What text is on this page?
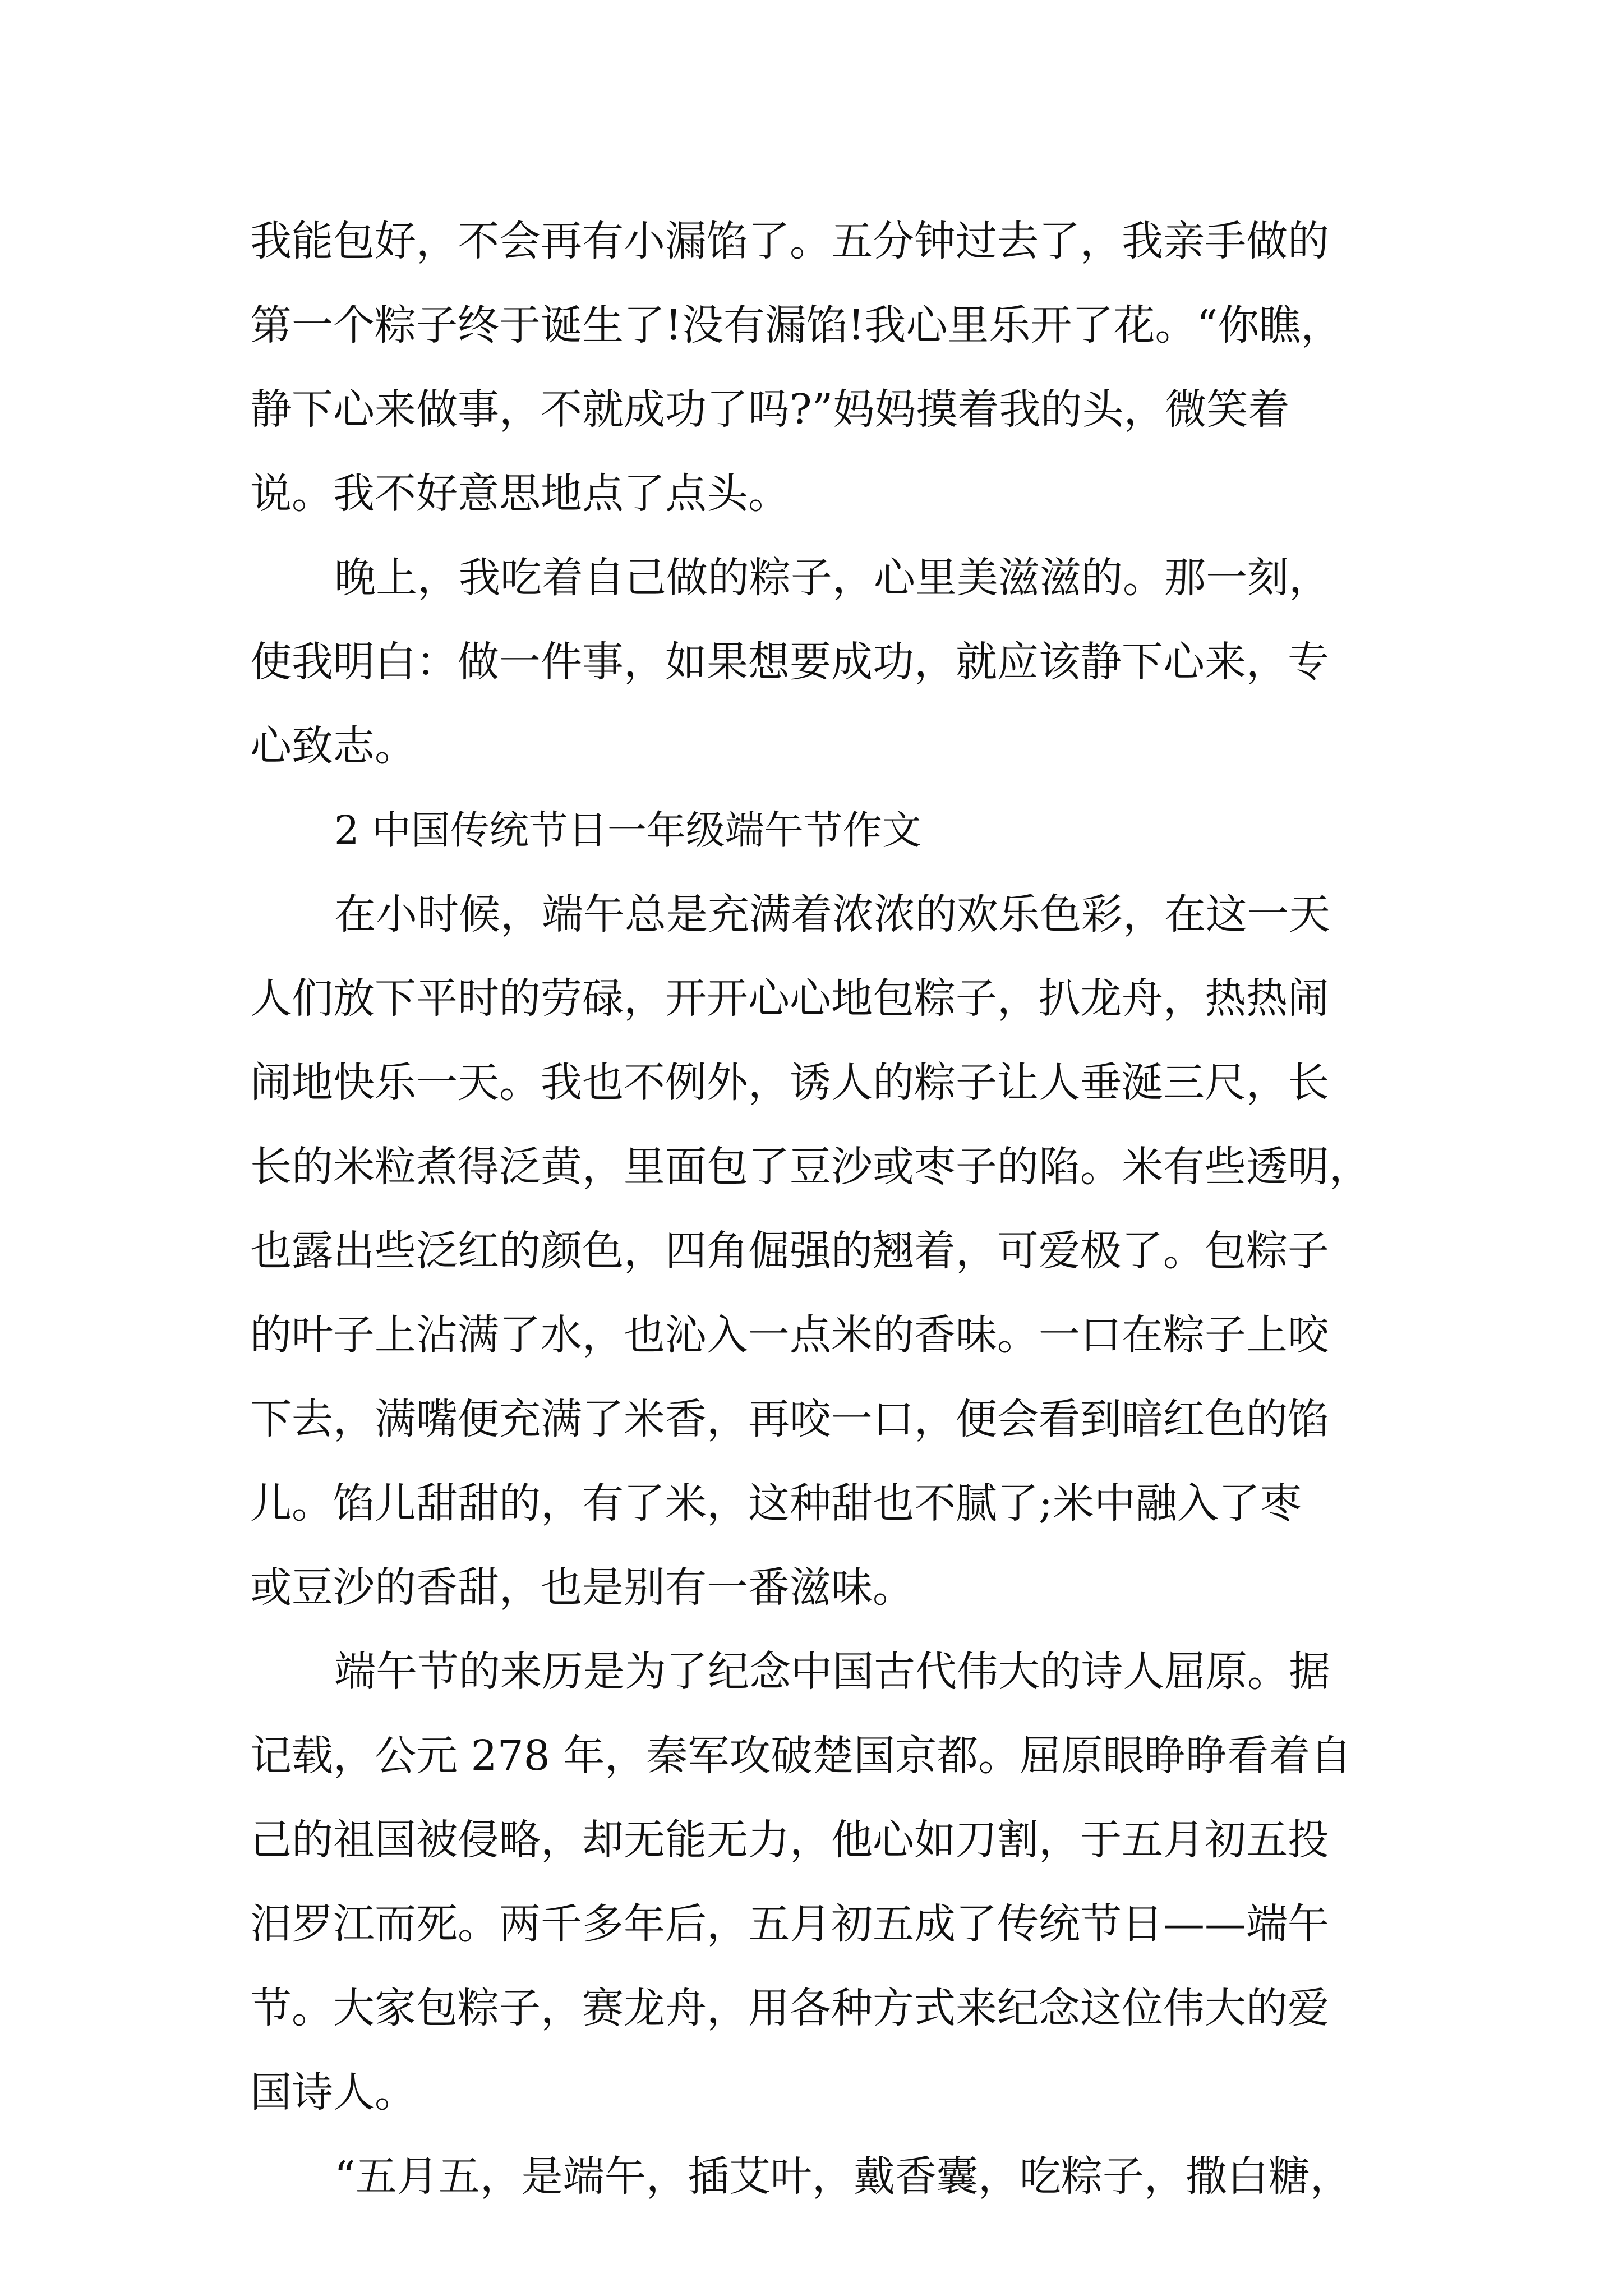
我能包好，不会再有小漏馅了。五分钟过去了，我亲手做的
第一个粽子终于诞生了!没有漏馅!我心里乐开了花。“你瞧，
静下心来做事，不就成功了吗?”妈妈摸着我的头，微笑着
说。我不好意思地点了点头。
晚上，我吃着自己做的粽子，心里美滋滋的。那一刻，
使我明白：做一件事，如果想要成功，就应该静下心来，专
心致志。
2 中国传统节日一年级端午节作文
在小时候，端午总是充满着浓浓的欢乐色彩，在这一天
人们放下平时的劳碌，开开心心地包粽子，扒龙舟，热热闹
闹地快乐一天。我也不例外，诱人的粽子让人垂涎三尺，长
长的米粒煮得泛黄，里面包了豆沙或枣子的陷。米有些透明，
也露出些泛红的颜色，四角倔强的翘着，可爱极了。包粽子
的叶子上沾满了水，也沁入一点米的香味。一口在粽子上咬
下去，满嘴便充满了米香，再咬一口，便会看到暗红色的馅
儿。馅儿甜甜的，有了米，这种甜也不腻了;米中融入了枣
或豆沙的香甜，也是别有一番滋味。
端午节的来历是为了纪念中国古代伟大的诗人屈原。据
记载，公元 278 年，秦军攻破楚国京都。屈原眼睁睁看着自
己的祖国被侵略，却无能无力，他心如刀割，于五月初五投
汨罗江而死。两千多年后，五月初五成了传统节日——端午
节。大家包粽子，赛龙舟，用各种方式来纪念这位伟大的爱
国诗人。
“五月五，是端午，插艾叶，戴香囊，吃粽子，撒白糖，
